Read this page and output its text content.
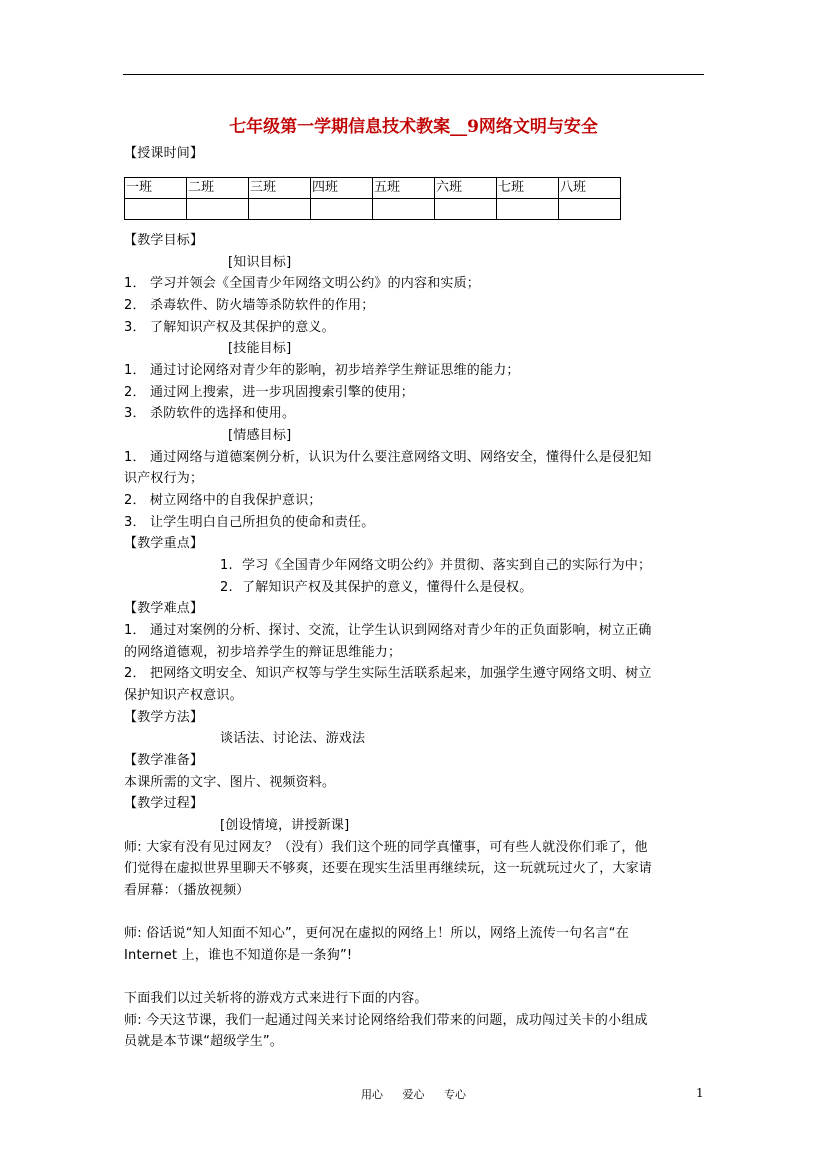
七年级第一学期信息技术教案__9网络文明与安全
【授课时间】
一班	二班	三班	四班	五班	六班	七班	八班

【教学目标】
[知识目标]
1． 学习并领会《全国青少年网络文明公约》的内容和实质；
2． 杀毒软件、防火墙等杀防软件的作用；
3． 了解知识产权及其保护的意义。
[技能目标]
1． 通过讨论网络对青少年的影响，初步培养学生辩证思维的能力；
2． 通过网上搜索，进一步巩固搜索引擎的使用；
3． 杀防软件的选择和使用。
[情感目标]
1． 通过网络与道德案例分析，认识为什么要注意网络文明、网络安全，懂得什么是侵犯知
识产权行为；
2． 树立网络中的自我保护意识；
3． 让学生明白自己所担负的使命和责任。
【教学重点】
1. 学习《全国青少年网络文明公约》并贯彻、落实到自己的实际行为中；
2. 了解知识产权及其保护的意义，懂得什么是侵权。
【教学难点】
1． 通过对案例的分析、探讨、交流，让学生认识到网络对青少年的正负面影响，树立正确
的网络道德观，初步培养学生的辩证思维能力；
2． 把网络文明安全、知识产权等与学生实际生活联系起来，加强学生遵守网络文明、树立
保护知识产权意识。
【教学方法】
谈话法、讨论法、游戏法
【教学准备】
本课所需的文字、图片、视频资料。
【教学过程】
[创设情境，讲授新课]
师: 大家有没有见过网友？（没有）我们这个班的同学真懂事，可有些人就没你们乖了，他
们觉得在虚拟世界里聊天不够爽，还要在现实生活里再继续玩，这一玩就玩过火了，大家请
看屏幕：（播放视频）
师: 俗话说“知人知面不知心”，更何况在虚拟的网络上！所以，网络上流传一句名言“在
Internet 上，谁也不知道你是一条狗”!
下面我们以过关斩将的游戏方式来进行下面的内容。
师: 今天这节课，我们一起通过闯关来讨论网络给我们带来的问题，成功闯过关卡的小组成
员就是本节课“超级学生”。
用心 爱心 专心	1
